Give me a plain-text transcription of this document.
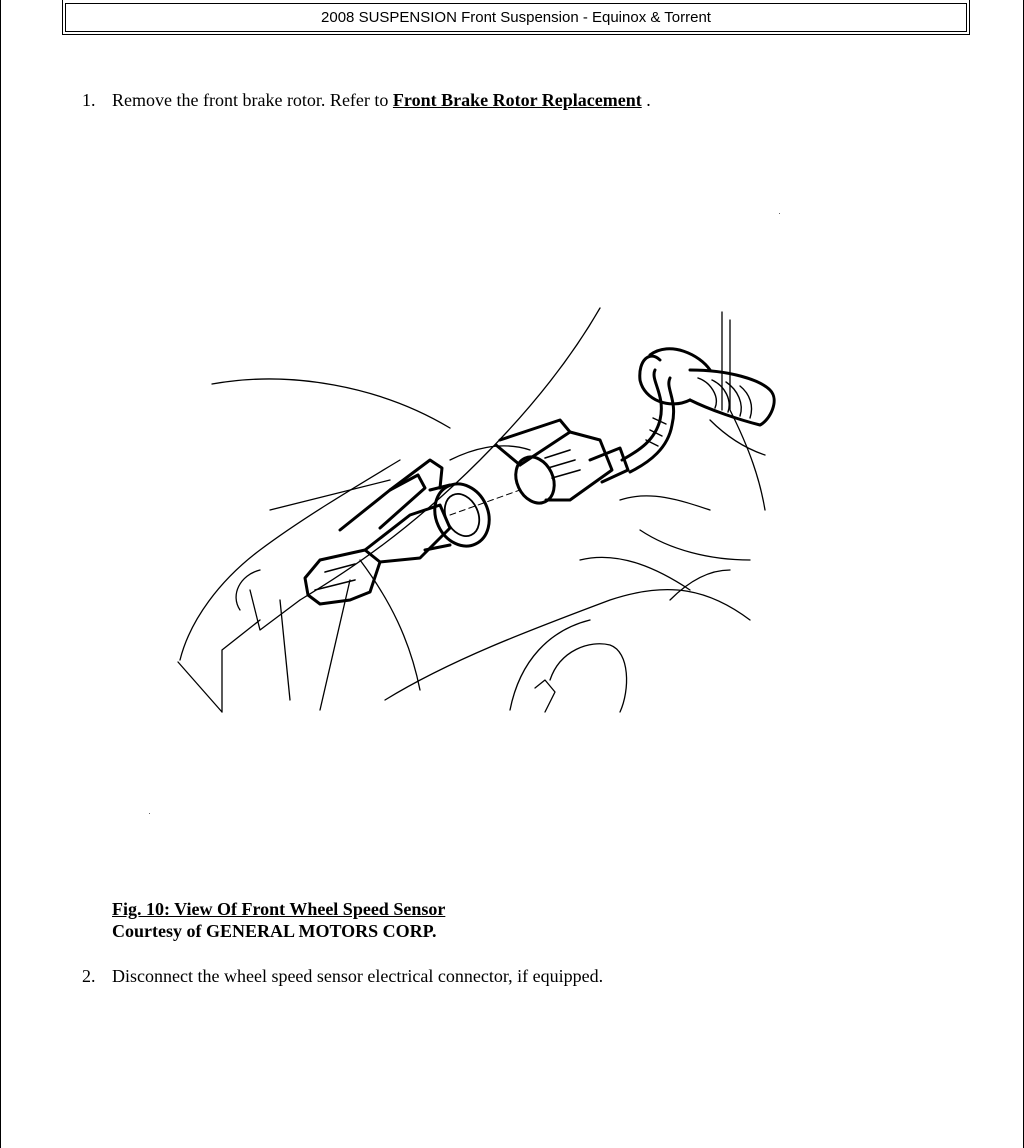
2008 SUSPENSION Front Suspension - Equinox & Torrent
1. Remove the front brake rotor. Refer to Front Brake Rotor Replacement .
Fig. 10: View Of Front Wheel Speed Sensor
Courtesy of GENERAL MOTORS CORP.
2. Disconnect the wheel speed sensor electrical connector, if equipped.
